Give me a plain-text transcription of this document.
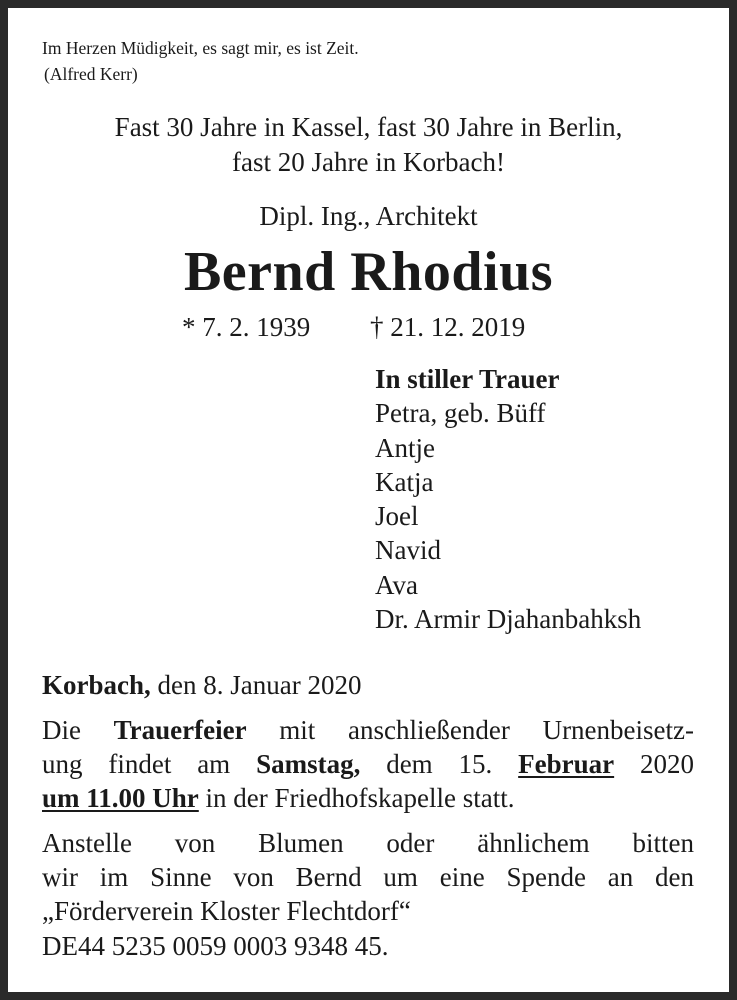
Im Herzen Müdigkeit, es sagt mir, es ist Zeit.
(Alfred Kerr)
Fast 30 Jahre in Kassel, fast 30 Jahre in Berlin,
fast 20 Jahre in Korbach!
Dipl. Ing., Architekt
Bernd Rhodius
* 7. 2. 1939 † 21. 12. 2019
In stiller Trauer
Petra, geb. Büff
Antje
Katja
Joel
Navid
Ava
Dr. Armir Djahanbahksh
Korbach, den 8. Januar 2020
Die Trauerfeier mit anschließender Urnenbeisetz-
ung findet am Samstag, dem 15. Februar 2020
um 11.00 Uhr in der Friedhofskapelle statt.
Anstelle von Blumen oder ähnlichem bitten
wir im Sinne von Bernd um eine Spende an den
„Förderverein Kloster Flechtdorf“
DE44 5235 0059 0003 9348 45.
